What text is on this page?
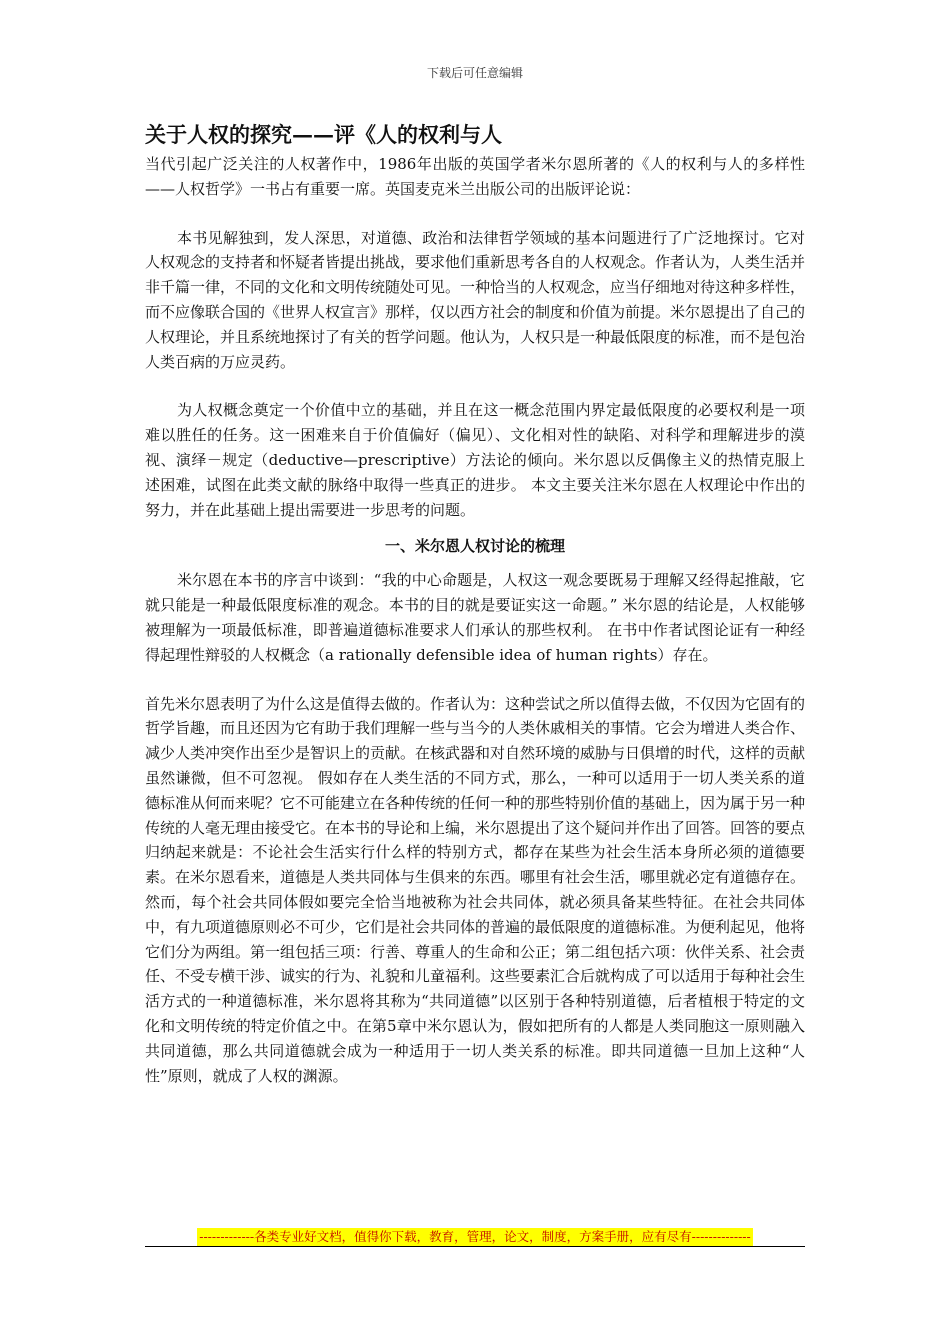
下载后可任意编辑
关于人权的探究——评《人的权利与人

当代引起广泛关注的人权著作中，1986年出版的英国学者米尔恩所著的《人的权利与人的多样性——人权哲学》一书占有重要一席。英国麦克米兰出版公司的出版评论说：

本书见解独到，发人深思，对道德、政治和法律哲学领域的基本问题进行了广泛地探讨。它对人权观念的支持者和怀疑者皆提出挑战，要求他们重新思考各自的人权观念。作者认为，人类生活并非千篇一律，不同的文化和文明传统随处可见。一种恰当的人权观念，应当仔细地对待这种多样性，而不应像联合国的《世界人权宣言》那样，仅以西方社会的制度和价值为前提。米尔恩提出了自己的人权理论，并且系统地探讨了有关的哲学问题。他认为，人权只是一种最低限度的标准，而不是包治人类百病的万应灵药。

为人权概念奠定一个价值中立的基础，并且在这一概念范围内界定最低限度的必要权利是一项难以胜任的任务。这一困难来自于价值偏好（偏见）、文化相对性的缺陷、对科学和理解进步的漠视、演绎－规定（deductive—prescriptive）方法论的倾向。米尔恩以反偶像主义的热情克服上述困难，试图在此类文献的脉络中取得一些真正的进步。 本文主要关注米尔恩在人权理论中作出的努力，并在此基础上提出需要进一步思考的问题。

一、米尔恩人权讨论的梳理

米尔恩在本书的序言中谈到：“我的中心命题是，人权这一观念要既易于理解又经得起推敲，它就只能是一种最低限度标准的观念。本书的目的就是要证实这一命题。” 米尔恩的结论是，人权能够被理解为一项最低标准，即普遍道德标准要求人们承认的那些权利。 在书中作者试图论证有一种经得起理性辩驳的人权概念（a rationally defensible idea of human rights）存在。

首先米尔恩表明了为什么这是值得去做的。作者认为：这种尝试之所以值得去做，不仅因为它固有的哲学旨趣，而且还因为它有助于我们理解一些与当今的人类休戚相关的事情。它会为增进人类合作、减少人类冲突作出至少是智识上的贡献。在核武器和对自然环境的威胁与日俱增的时代，这样的贡献虽然谦微，但不可忽视。 假如存在人类生活的不同方式，那么，一种可以适用于一切人类关系的道德标准从何而来呢？它不可能建立在各种传统的任何一种的那些特别价值的基础上，因为属于另一种传统的人毫无理由接受它。在本书的导论和上编，米尔恩提出了这个疑问并作出了回答。回答的要点归纳起来就是：不论社会生活实行什么样的特别方式，都存在某些为社会生活本身所必须的道德要素。在米尔恩看来，道德是人类共同体与生俱来的东西。哪里有社会生活，哪里就必定有道德存在。然而，每个社会共同体假如要完全恰当地被称为社会共同体，就必须具备某些特征。在社会共同体中，有九项道德原则必不可少，它们是社会共同体的普遍的最低限度的道德标准。为便利起见，他将它们分为两组。第一组包括三项：行善、尊重人的生命和公正；第二组包括六项：伙伴关系、社会责任、不受专横干涉、诚实的行为、礼貌和儿童福利。这些要素汇合后就构成了可以适用于每种社会生活方式的一种道德标准，米尔恩将其称为“共同道德”以区别于各种特别道德，后者植根于特定的文化和文明传统的特定价值之中。在第5章中米尔恩认为，假如把所有的人都是人类同胞这一原则融入共同道德，那么共同道德就会成为一种适用于一切人类关系的标准。即共同道德一旦加上这种“人性”原则，就成了人权的渊源。

-------------各类专业好文档，值得你下载，教育，管理，论文，制度，方案手册，应有尽有--------------
